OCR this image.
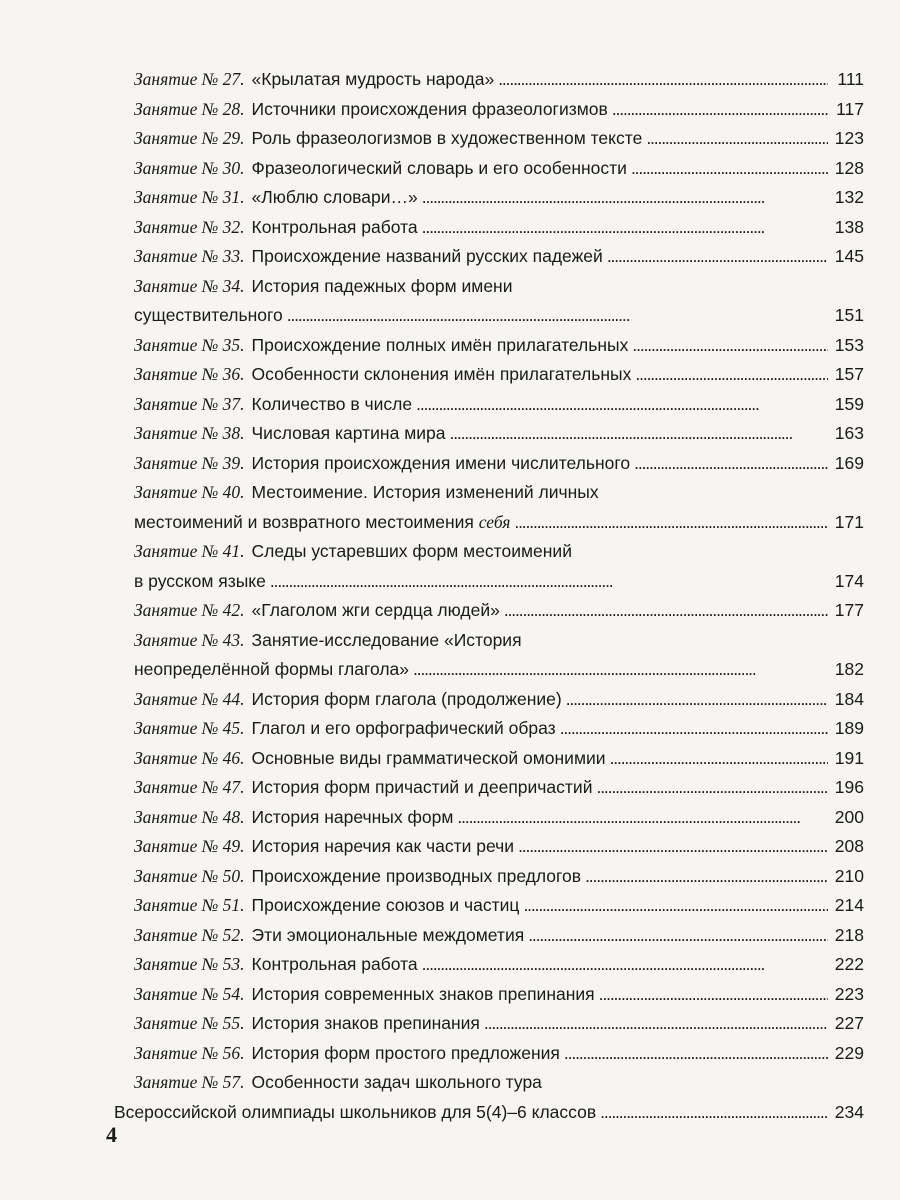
Занятие № 27. «Крылатая мудрость народа» . . .	111
Занятие № 28. Источники происхождения фразеологизмов . . .	117
Занятие № 29. Роль фразеологизмов в художественном тексте . . .	123
Занятие № 30. Фразеологический словарь и его особенности . . .	128
Занятие № 31. «Люблю словари…» . . .	132
Занятие № 32. Контрольная работа . . .	138
Занятие № 33. Происхождение названий русских падежей . . .	145
Занятие № 34. История падежных форм имени
существительного . . .	151
Занятие № 35. Происхождение полных имён прилагательных . . .	153
Занятие № 36. Особенности склонения имён прилагательных . . .	157
Занятие № 37. Количество в числе . . .	159
Занятие № 38. Числовая картина мира . . .	163
Занятие № 39. История происхождения имени числительного . . .	169
Занятие № 40. Местоимение. История изменений личных
местоимений и возвратного местоимения
себя . . .	171
Занятие № 41. Следы устаревших форм местоимений
в русском языке . . .	174
Занятие № 42. «Глаголом жги сердца людей» . . .	177
Занятие № 43. Занятие-исследование «История
неопределённой формы глагола» . . .	182
Занятие № 44. История форм глагола (продолжение) . . .	184
Занятие № 45. Глагол и его орфографический образ . . .	189
Занятие № 46. Основные виды грамматической омонимии . . .	191
Занятие № 47. История форм причастий и деепричастий . . .	196
Занятие № 48. История наречных форм . . .	200
Занятие № 49. История наречия как части речи . . .	208
Занятие № 50. Происхождение производных предлогов . . .	210
Занятие № 51. Происхождение союзов и частиц . . .	214
Занятие № 52. Эти эмоциональные междометия . . .	218
Занятие № 53. Контрольная работа . . .	222
Занятие № 54. История современных знаков препинания . . .	223
Занятие № 55. История знаков препинания . . .	227
Занятие № 56. История форм простого предложения . . .	229
Занятие № 57. Особенности задач школьного тура
Всероссийской олимпиады школьников для 5(4)–6 классов . . .	234
4
